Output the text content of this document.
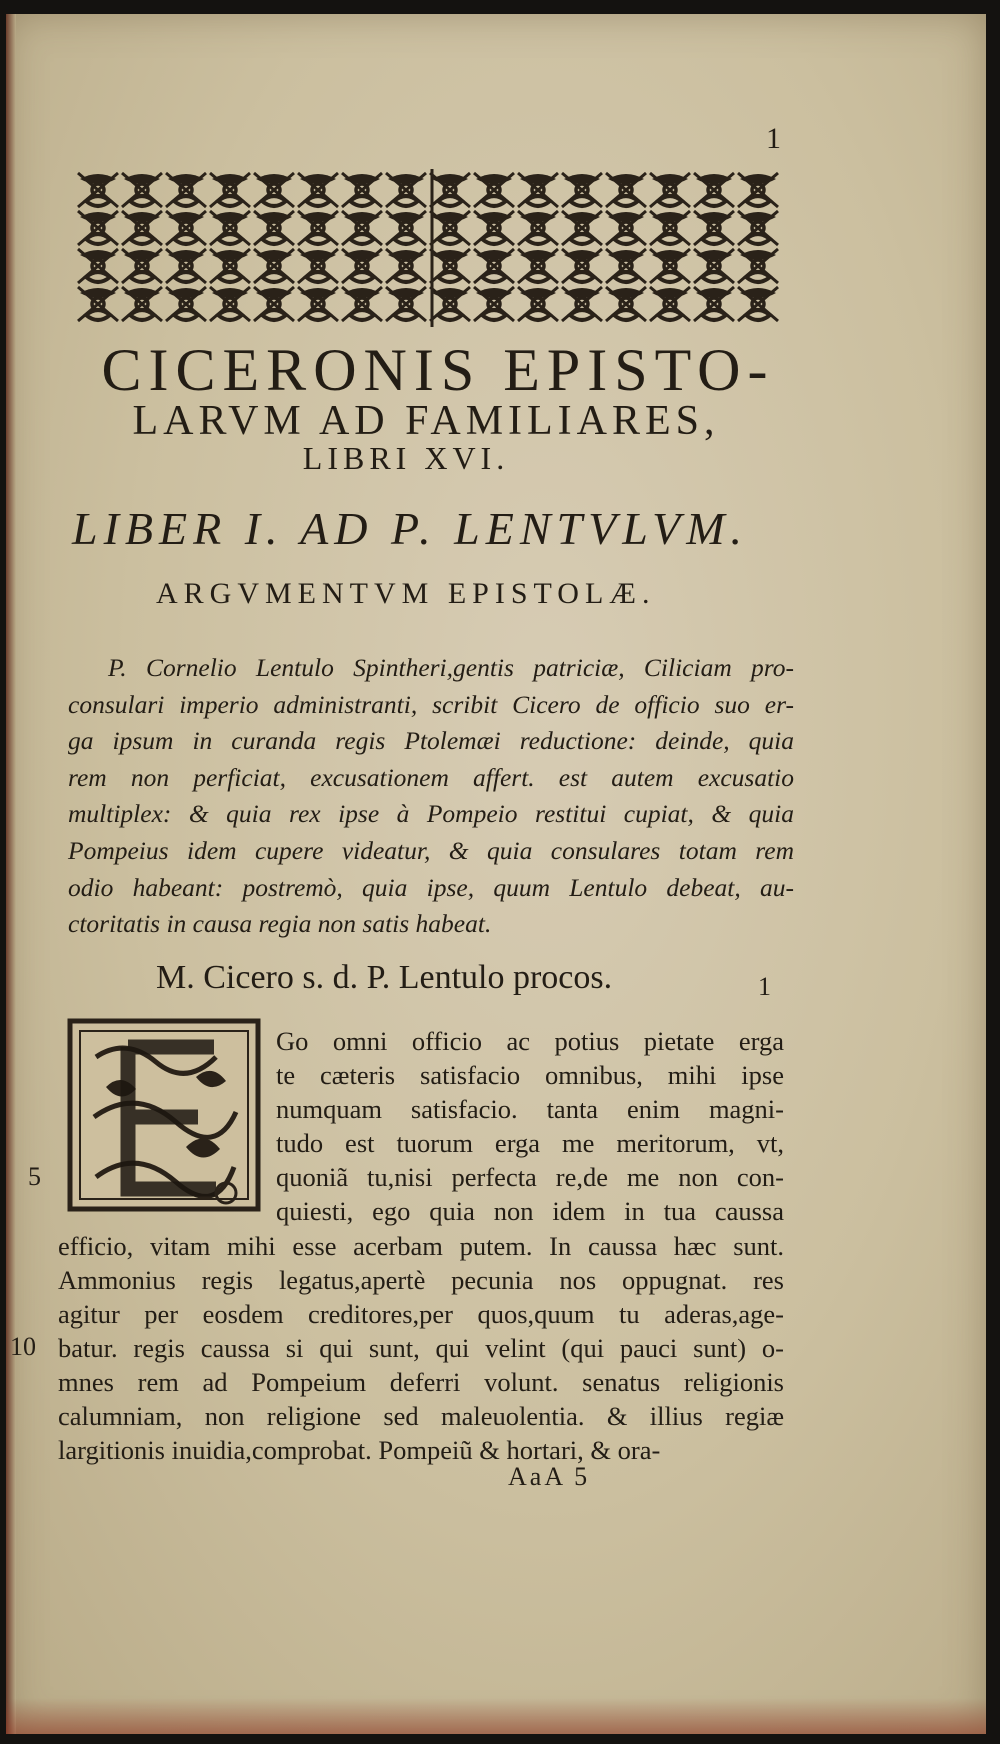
1
CICERONIS EPISTO-
LARVM AD FAMILIARES,
LIBRI XVI.
LIBER I. AD P. LENTVLVM.
ARGVMENTVM EPISTOLÆ.
P. Cornelio Lentulo Spintheri,gentis patriciæ, Ciliciam pro-
consulari imperio administranti, scribit Cicero de officio suo er-
ga ipsum in curanda regis Ptolemæi reductione: deinde, quia
rem non perficiat, excusationem affert. est autem excusatio
multiplex: & quia rex ipse à Pompeio restitui cupiat, & quia
Pompeius idem cupere videatur, & quia consulares totam rem
odio habeant: postremò, quia ipse, quum Lentulo debeat, au-
ctoritatis in causa regia non satis habeat.
M. Cicero s. d. P. Lentulo procos.	1
Go omni officio ac potius pietate erga
te cæteris satisfacio omnibus, mihi ipse
numquam satisfacio. tanta enim magni-
tudo est tuorum erga me meritorum, vt,
quoniã tu,nisi perfecta re,de me non con-
quiesti, ego quia non idem in tua caussa
efficio, vitam mihi esse acerbam putem. In caussa hæc sunt.
Ammonius regis legatus,apertè pecunia nos oppugnat. res
agitur per eosdem creditores,per quos,quum tu aderas,age-
batur. regis caussa si qui sunt, qui velint (qui pauci sunt) o-
mnes rem ad Pompeium deferri volunt. senatus religionis
calumniam, non religione sed maleuolentia. & illius regiæ
largitionis inuidia,comprobat. Pompeiũ & hortari, & ora-
5
10
AaA 5
